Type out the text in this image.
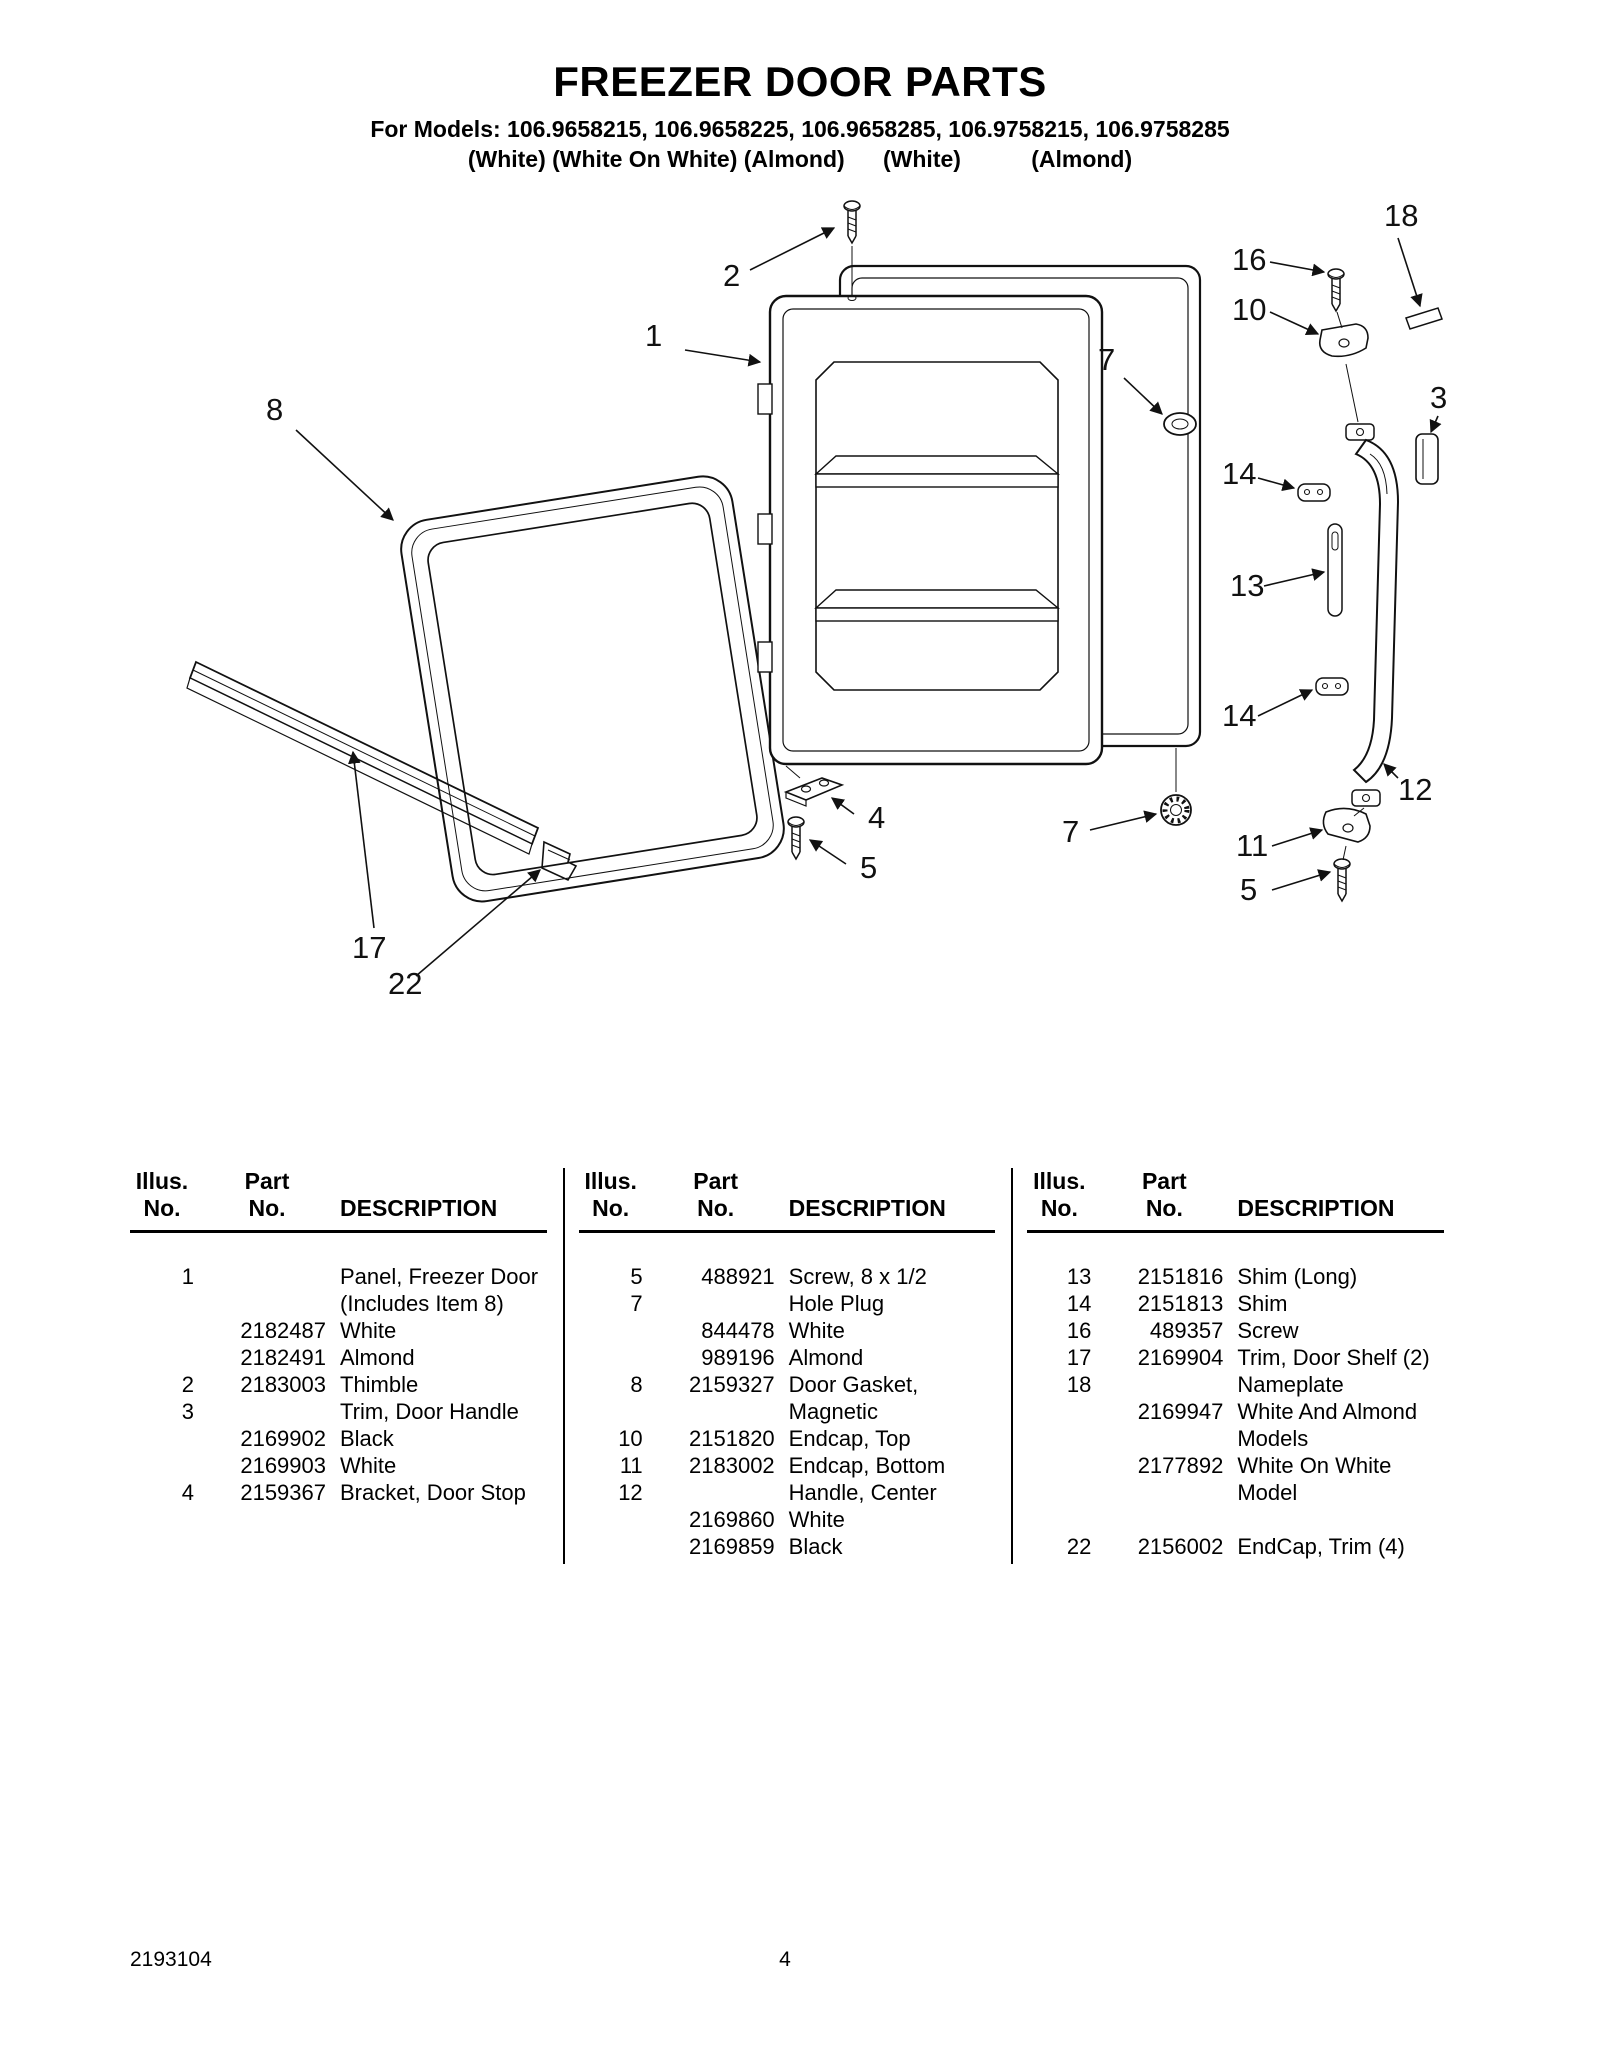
FREEZER DOOR PARTS
For Models: 106.9658215, 106.9658225, 106.9658285, 106.9758215, 106.9758285
(White) (White On White) (Almond)      (White)           (Almond)
1
2
8
17
22
4
5
7
7
16
10
18
3
14
13
14
12
11
5
Illus.	Part
No.	No.	DESCRIPTION
1	Panel, Freezer Door (Includes Item 8)
2182487 White
2182491 Almond
2	2183003 Thimble
3	Trim, Door Handle
2169902 Black
2169903 White
4	2159367 Bracket, Door Stop
Illus.	Part
No.	No.	DESCRIPTION
5	488921 Screw, 8 x 1/2
7	Hole Plug
844478 White
989196 Almond
8	2159327 Door Gasket, Magnetic
10	2151820 Endcap, Top
11	2183002 Endcap, Bottom
12	Handle, Center
2169860 White
2169859 Black
Illus.	Part
No.	No.	DESCRIPTION
13	2151816 Shim (Long)
14	2151813 Shim
16	489357 Screw
17	2169904 Trim, Door Shelf (2)
18	Nameplate
2169947 White And Almond Models
2177892 White On White Model
22	2156002 EndCap, Trim (4)
2193104	4
